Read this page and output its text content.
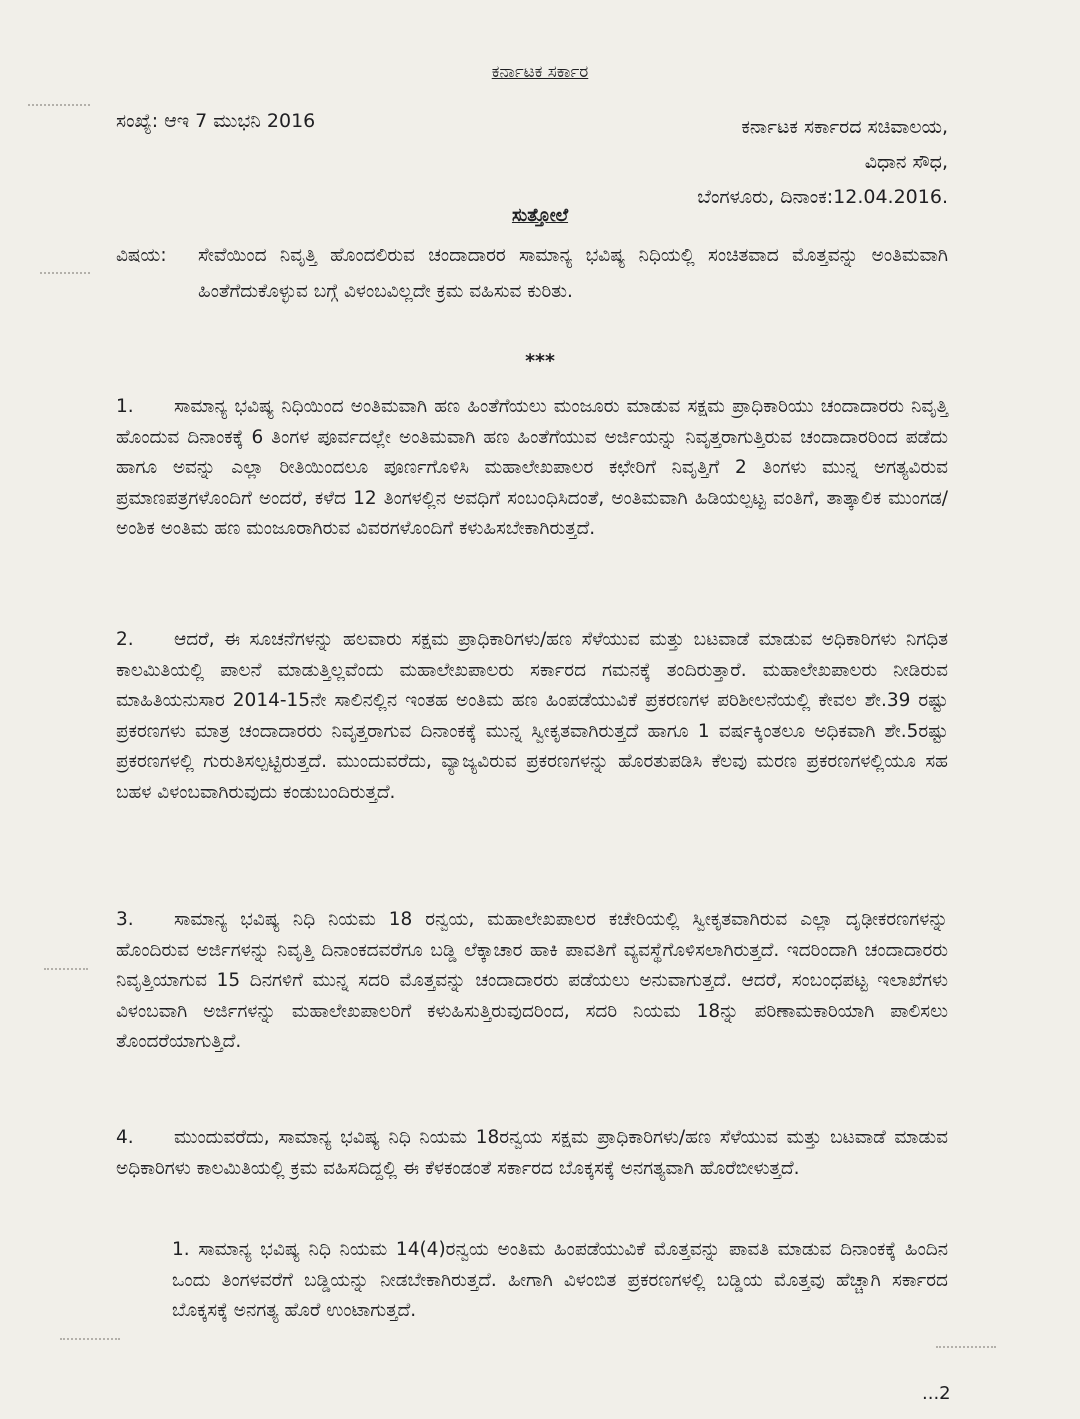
ಕರ್ನಾಟಕ ಸರ್ಕಾರ
ಸಂಖ್ಯೆ: ಆಇ 7 ಮುಭನಿ 2016	ಕರ್ನಾಟಕ ಸರ್ಕಾರದ ಸಚಿವಾಲಯ,
ವಿಧಾನ ಸೌಧ,
ಬೆಂಗಳೂರು, ದಿನಾಂಕ:12.04.2016.
ಸುತ್ತೋಲೆ
ವಿಷಯ:	ಸೇವೆಯಿಂದ ನಿವೃತ್ತಿ ಹೊಂದಲಿರುವ ಚಂದಾದಾರರ ಸಾಮಾನ್ಯ ಭವಿಷ್ಯ ನಿಧಿಯಲ್ಲಿ ಸಂಚಿತವಾದ ಮೊತ್ತವನ್ನು ಅಂತಿಮವಾಗಿ ಹಿಂತೆಗೆದುಕೊಳ್ಳುವ ಬಗ್ಗೆ ವಿಳಂಬವಿಲ್ಲದೇ ಕ್ರಮ ವಹಿಸುವ ಕುರಿತು.
***
1. ಸಾಮಾನ್ಯ ಭವಿಷ್ಯ ನಿಧಿಯಿಂದ ಅಂತಿಮವಾಗಿ ಹಣ ಹಿಂತೆಗೆಯಲು ಮಂಜೂರು ಮಾಡುವ ಸಕ್ಷಮ ಪ್ರಾಧಿಕಾರಿಯು ಚಂದಾದಾರರು ನಿವೃತ್ತಿ ಹೊಂದುವ ದಿನಾಂಕಕ್ಕೆ 6 ತಿಂಗಳ ಪೂರ್ವದಲ್ಲೇ ಅಂತಿಮವಾಗಿ ಹಣ ಹಿಂತೆಗೆಯುವ ಅರ್ಜಿಯನ್ನು ನಿವೃತ್ತರಾಗುತ್ತಿರುವ ಚಂದಾದಾರರಿಂದ ಪಡೆದು ಹಾಗೂ ಅವನ್ನು ಎಲ್ಲಾ ರೀತಿಯಿಂದಲೂ ಪೂರ್ಣಗೊಳಿಸಿ ಮಹಾಲೇಖಪಾಲರ ಕಛೇರಿಗೆ ನಿವೃತ್ತಿಗೆ 2 ತಿಂಗಳು ಮುನ್ನ ಅಗತ್ಯವಿರುವ ಪ್ರಮಾಣಪತ್ರಗಳೊಂದಿಗೆ ಅಂದರೆ, ಕಳೆದ 12 ತಿಂಗಳಲ್ಲಿನ ಅವಧಿಗೆ ಸಂಬಂಧಿಸಿದಂತೆ, ಅಂತಿಮವಾಗಿ ಹಿಡಿಯಲ್ಪಟ್ಟ ವಂತಿಗೆ, ತಾತ್ಕಾಲಿಕ ಮುಂಗಡ/ಅಂಶಿಕ ಅಂತಿಮ ಹಣ ಮಂಜೂರಾಗಿರುವ ವಿವರಗಳೊಂದಿಗೆ ಕಳುಹಿಸಬೇಕಾಗಿರುತ್ತದೆ.
2. ಆದರೆ, ಈ ಸೂಚನೆಗಳನ್ನು ಹಲವಾರು ಸಕ್ಷಮ ಪ್ರಾಧಿಕಾರಿಗಳು/ಹಣ ಸೆಳೆಯುವ ಮತ್ತು ಬಟವಾಡೆ ಮಾಡುವ ಅಧಿಕಾರಿಗಳು ನಿಗಧಿತ ಕಾಲಮಿತಿಯಲ್ಲಿ ಪಾಲನೆ ಮಾಡುತ್ತಿಲ್ಲವೆಂದು ಮಹಾಲೇಖಪಾಲರು ಸರ್ಕಾರದ ಗಮನಕ್ಕೆ ತಂದಿರುತ್ತಾರೆ. ಮಹಾಲೇಖಪಾಲರು ನೀಡಿರುವ ಮಾಹಿತಿಯನುಸಾರ 2014-15ನೇ ಸಾಲಿನಲ್ಲಿನ ಇಂತಹ ಅಂತಿಮ ಹಣ ಹಿಂಪಡೆಯುವಿಕೆ ಪ್ರಕರಣಗಳ ಪರಿಶೀಲನೆಯಲ್ಲಿ ಕೇವಲ ಶೇ.39 ರಷ್ಟು ಪ್ರಕರಣಗಳು ಮಾತ್ರ ಚಂದಾದಾರರು ನಿವೃತ್ತರಾಗುವ ದಿನಾಂಕಕ್ಕೆ ಮುನ್ನ ಸ್ವೀಕೃತವಾಗಿರುತ್ತದೆ ಹಾಗೂ 1 ವರ್ಷಕ್ಕಿಂತಲೂ ಅಧಿಕವಾಗಿ ಶೇ.5ರಷ್ಟು ಪ್ರಕರಣಗಳಲ್ಲಿ ಗುರುತಿಸಲ್ಪಟ್ಟಿರುತ್ತದೆ. ಮುಂದುವರೆದು, ವ್ಯಾಜ್ಯವಿರುವ ಪ್ರಕರಣಗಳನ್ನು ಹೊರತುಪಡಿಸಿ ಕೆಲವು ಮರಣ ಪ್ರಕರಣಗಳಲ್ಲಿಯೂ ಸಹ ಬಹಳ ವಿಳಂಬವಾಗಿರುವುದು ಕಂಡುಬಂದಿರುತ್ತದೆ.
3. ಸಾಮಾನ್ಯ ಭವಿಷ್ಯ ನಿಧಿ ನಿಯಮ 18 ರನ್ವಯ, ಮಹಾಲೇಖಪಾಲರ ಕಚೇರಿಯಲ್ಲಿ ಸ್ವೀಕೃತವಾಗಿರುವ ಎಲ್ಲಾ ದೃಢೀಕರಣಗಳನ್ನು ಹೊಂದಿರುವ ಅರ್ಜಿಗಳನ್ನು ನಿವೃತ್ತಿ ದಿನಾಂಕದವರೆಗೂ ಬಡ್ಡಿ ಲೆಕ್ಕಾಚಾರ ಹಾಕಿ ಪಾವತಿಗೆ ವ್ಯವಸ್ಥೆಗೊಳಿಸಲಾಗಿರುತ್ತದೆ. ಇದರಿಂದಾಗಿ ಚಂದಾದಾರರು ನಿವೃತ್ತಿಯಾಗುವ 15 ದಿನಗಳಿಗೆ ಮುನ್ನ ಸದರಿ ಮೊತ್ತವನ್ನು ಚಂದಾದಾರರು ಪಡೆಯಲು ಅನುವಾಗುತ್ತದೆ. ಆದರೆ, ಸಂಬಂಧಪಟ್ಟ ಇಲಾಖೆಗಳು ವಿಳಂಬವಾಗಿ ಅರ್ಜಿಗಳನ್ನು ಮಹಾಲೇಖಪಾಲರಿಗೆ ಕಳುಹಿಸುತ್ತಿರುವುದರಿಂದ, ಸದರಿ ನಿಯಮ 18ನ್ನು ಪರಿಣಾಮಕಾರಿಯಾಗಿ ಪಾಲಿಸಲು ತೊಂದರೆಯಾಗುತ್ತಿದೆ.
4. ಮುಂದುವರೆದು, ಸಾಮಾನ್ಯ ಭವಿಷ್ಯ ನಿಧಿ ನಿಯಮ 18ರನ್ವಯ ಸಕ್ಷಮ ಪ್ರಾಧಿಕಾರಿಗಳು/ಹಣ ಸೆಳೆಯುವ ಮತ್ತು ಬಟವಾಡೆ ಮಾಡುವ ಅಧಿಕಾರಿಗಳು ಕಾಲಮಿತಿಯಲ್ಲಿ ಕ್ರಮ ವಹಿಸದಿದ್ದಲ್ಲಿ ಈ ಕೆಳಕಂಡಂತೆ ಸರ್ಕಾರದ ಬೊಕ್ಕಸಕ್ಕೆ ಅನಗತ್ಯವಾಗಿ ಹೊರೆಬೀಳುತ್ತದೆ.
1. ಸಾಮಾನ್ಯ ಭವಿಷ್ಯ ನಿಧಿ ನಿಯಮ 14(4)ರನ್ವಯ ಅಂತಿಮ ಹಿಂಪಡೆಯುವಿಕೆ ಮೊತ್ತವನ್ನು ಪಾವತಿ ಮಾಡುವ ದಿನಾಂಕಕ್ಕೆ ಹಿಂದಿನ ಒಂದು ತಿಂಗಳವರೆಗೆ ಬಡ್ಡಿಯನ್ನು ನೀಡಬೇಕಾಗಿರುತ್ತದೆ. ಹೀಗಾಗಿ ವಿಳಂಬಿತ ಪ್ರಕರಣಗಳಲ್ಲಿ ಬಡ್ಡಿಯ ಮೊತ್ತವು ಹೆಚ್ಚಾಗಿ ಸರ್ಕಾರದ ಬೊಕ್ಕಸಕ್ಕೆ ಅನಗತ್ಯ ಹೊರೆ ಉಂಟಾಗುತ್ತದೆ.
...2
